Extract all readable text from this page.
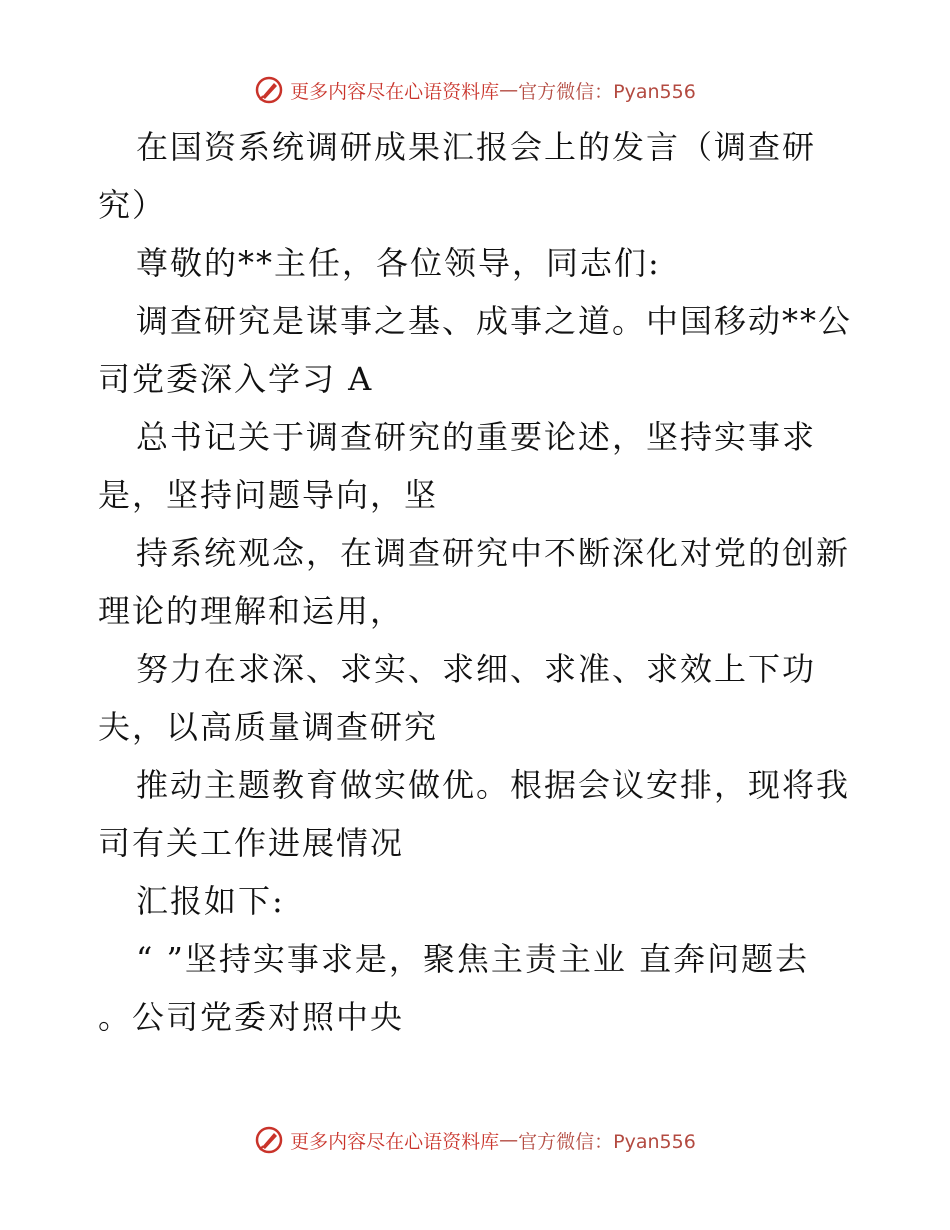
更多内容尽在心语资料库 — 官方微信：Pyan556
在国资系统调研成果汇报会上的发言（调查研
究）
尊敬的**主任，各位领导，同志们:
调查研究是谋事之基、成事之道。中国移动**公
司党委深入学习 A
总书记关于调查研究的重要论述，坚持实事求
是，坚持问题导向，坚
持系统观念，在调查研究中不断深化对党的创新
理论的理解和运用，
努力在求深、求实、求细、求准、求效上下功
夫，以高质量调查研究
推动主题教育做实做优。根据会议安排，现将我
司有关工作进展情况
汇报如下:
“ ”坚持实事求是，聚焦主责主业 直奔问题去
。公司党委对照中央
更多内容尽在心语资料库 — 官方微信：Pyan556
